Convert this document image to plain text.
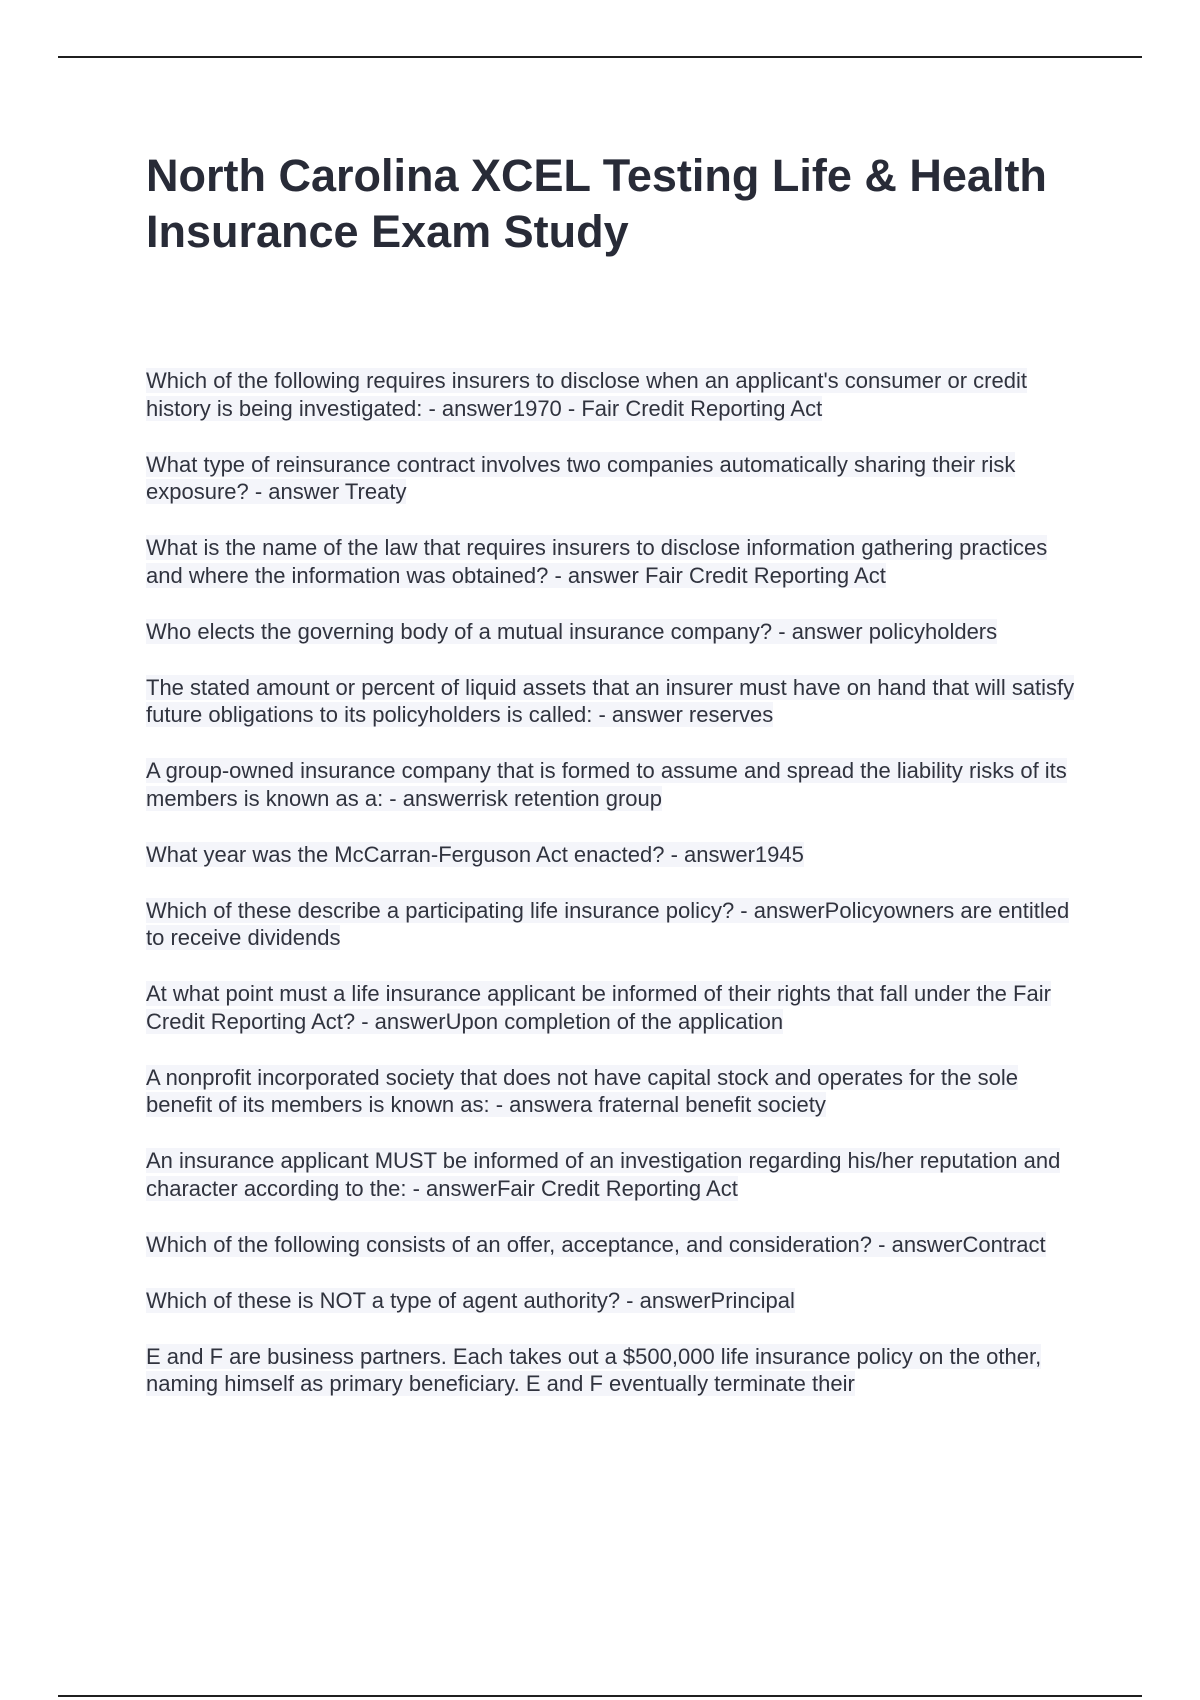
North Carolina XCEL Testing Life & Health Insurance Exam Study
Which of the following requires insurers to disclose when an applicant's consumer or credit history is being investigated: - answer1970 - Fair Credit Reporting Act
What type of reinsurance contract involves two companies automatically sharing their risk exposure? - answer Treaty
What is the name of the law that requires insurers to disclose information gathering practices and where the information was obtained? - answer Fair Credit Reporting Act
Who elects the governing body of a mutual insurance company? - answer policyholders
The stated amount or percent of liquid assets that an insurer must have on hand that will satisfy future obligations to its policyholders is called: - answer reserves
A group-owned insurance company that is formed to assume and spread the liability risks of its members is known as a: - answerrisk retention group
What year was the McCarran-Ferguson Act enacted? - answer1945
Which of these describe a participating life insurance policy? - answerPolicyowners are entitled to receive dividends
At what point must a life insurance applicant be informed of their rights that fall under the Fair Credit Reporting Act? - answerUpon completion of the application
A nonprofit incorporated society that does not have capital stock and operates for the sole benefit of its members is known as: - answera fraternal benefit society
An insurance applicant MUST be informed of an investigation regarding his/her reputation and character according to the: - answerFair Credit Reporting Act
Which of the following consists of an offer, acceptance, and consideration? - answerContract
Which of these is NOT a type of agent authority? - answerPrincipal
E and F are business partners. Each takes out a $500,000 life insurance policy on the other, naming himself as primary beneficiary. E and F eventually terminate their
